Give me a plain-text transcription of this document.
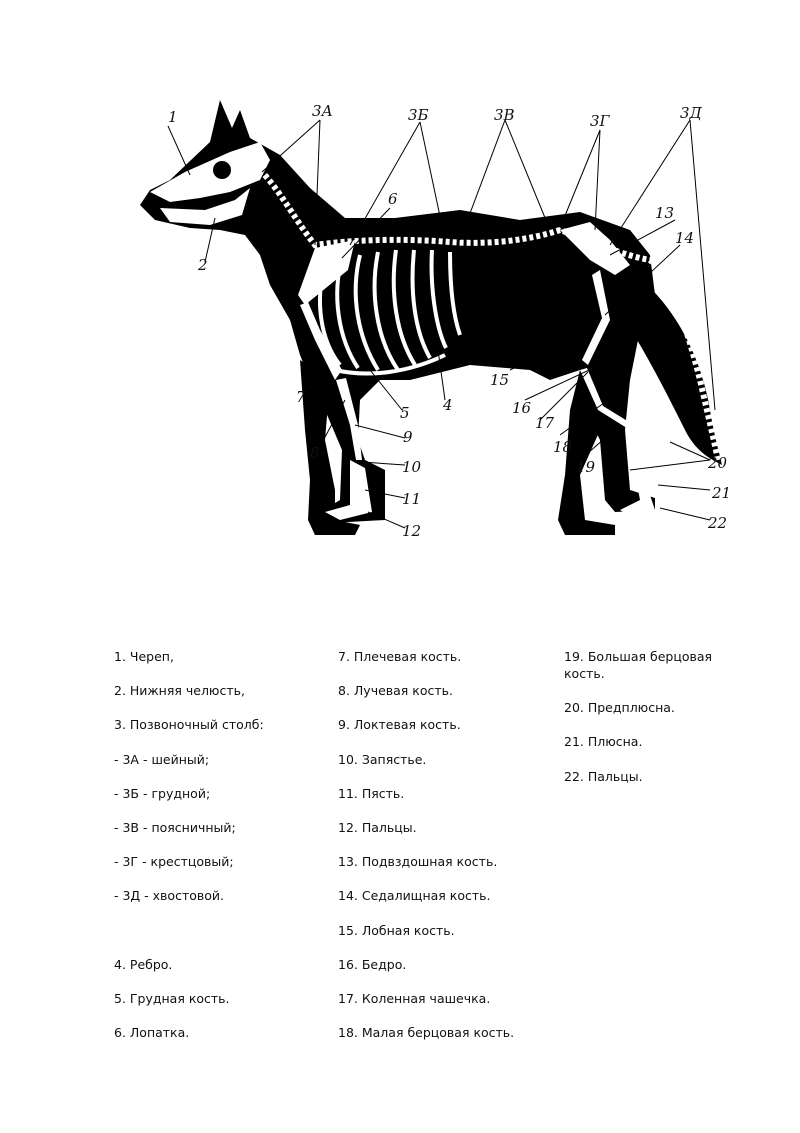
1
2
3А	3Б	3В	3Г	3Д
6
13
14
7
5 4
15
16
17
8
9
10
11
12
18
19	20
21
22
1. Череп,
2. Нижняя челюсть,
3. Позвоночный столб:
- 3А - шейный;
- 3Б - грудной;
- 3В - поясничный;
- 3Г - крестцовый;
- 3Д - хвостовой.
4. Ребро.
5. Грудная кость.
6. Лопатка.
7. Плечевая кость.
8. Лучевая кость.
9. Локтевая кость.
10. Запястье.
11. Пясть.
12. Пальцы.
13. Подвздошная кость.
14. Седалищная кость.
15. Лобная кость.
16. Бедро.
17. Коленная чашечка.
18. Малая берцовая кость.
19. Большая берцовая кость.
20. Предплюсна.
21. Плюсна.
22. Пальцы.
